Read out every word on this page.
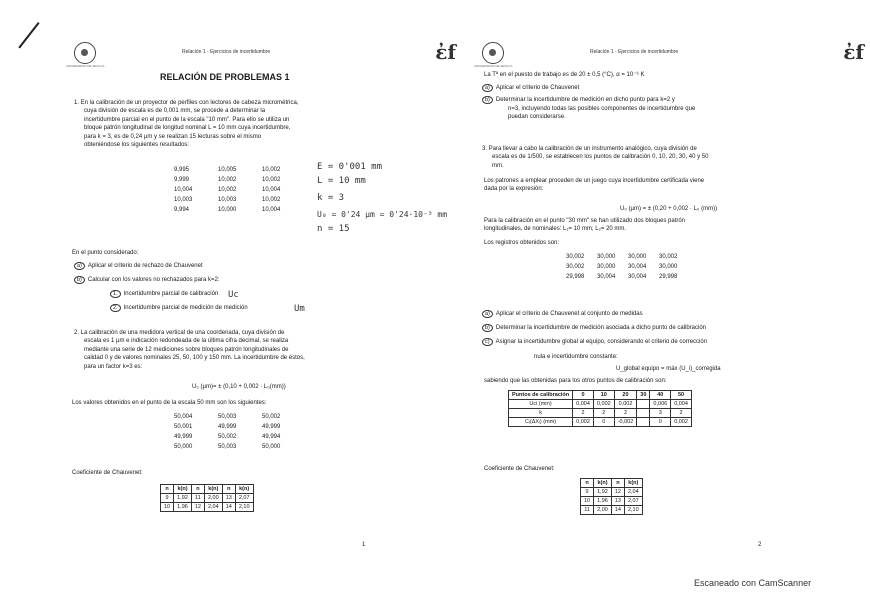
UNIVERSIDAD DE SEVILLA
Relación 1 - Ejercicios de incertidumbre	ἐf
RELACIÓN DE PROBLEMAS 1
1. En la calibración de un proyector de perfiles con lectores de cabeza micrométrica,
cuya división de escala es de 0,001 mm, se procede a determinar la
incertidumbre parcial en el punto de la escala "10 mm". Para ello se utiliza un
bloque patrón longitudinal de longitud nominal L = 10 mm cuya incertidumbre,
para k = 3, es de 0,24 µm y se realizan 15 lecturas sobre el mismo
obteniéndose los siguientes resultados:
9,995	10,005	10,002
9,999	10,002	10,002
10,004	10,002	10,004
10,003	10,003	10,002
9,994	10,000	10,004
E = 0'001 mm
L = 10 mm
k = 3
U₀ = 0'24 µm = 0'24·10⁻³ mm
n = 15
En el punto considerado:
a) Aplicar el criterio de rechazo de Chauvenet
b) Calcular con los valores no rechazados para k=2:
1. Incertidumbre parcial de calibración
2. Incertidumbre parcial de medición de medición
Uc
Um
2. La calibración de una medidora vertical de una coordenada, cuya división de
escala es 1 µm e indicación redondeada de la última cifra decimal, se realiza
mediante una serie de 12 mediciones sobre bloques patrón longitudinales de
calidad 0 y de valores nominales 25, 50, 100 y 150 mm. La incertidumbre de éstos,
para un factor k=3 es:
U₀ (µm)= ± (0,10 + 0,002 · L₀(mm))
Los valores obtenidos en el punto de la escala 50 mm son los siguientes:
50,004	50,003	50,002
50,001	49,999	49,999
49,999	50,002	49,994
50,000	50,003	50,000
Coeficiente de Chauvenet:
n	k(n)	n	k(n)	n	k(n)
9	1,92	11	2,00	13	2,07
10	1,96	12	2,04	14	2,10
1
UNIVERSIDAD DE SEVILLA
Relación 1 - Ejercicios de incertidumbre	ἐf
La Tª en el puesto de trabajo es de 20 ± 0,5 (°C), α = 10⁻⁶ K
a) Aplicar el criterio de Chauvenet
b) Determinar la incertidumbre de medición en dicho punto para k=2 y
n=3, incluyendo todas las posibles componentes de incertidumbre que
puedan considerarse.
3. Para llevar a cabo la calibración de un instrumento analógico, cuya división de
escala es de 1/500, se establecen los puntos de calibración 0, 10, 20, 30, 40 y 50
mm.
Los patrones a emplear proceden de un juego cuya incertidumbre certificada viene
dada por la expresión:
U₀ (µm) = ± (0,20 + 0,002 · L₀ (mm))
Para la calibración en el punto "30 mm" se han utilizado dos bloques patrón
longitudinales, de nominales: L₁= 10 mm; L₂= 20 mm.
Los registros obtenidos son:
30,002	30,000	30,000	30,002
30,002	30,000	30,004	30,000
29,998	30,004	30,004	29,998
a) Aplicar el criterio de Chauvenet al conjunto de medidas
b) Determinar la incertidumbre de medición asociada a dicho punto de calibración
c) Asignar la incertidumbre global al equipo, considerando el criterio de corrección
nula e incertidumbre constante:
U_global equipo = máx (U_i)_corregida
sabiendo que las obtenidas para los otros puntos de calibración son:
Puntos de calibración	0	10	20	30	40	50
Uci (mm)	0,004	0,002	0,002		0,006	0,004
k	2	2	2		3	2
Cᵢ(ΔXᵢ) (mm)	0,002	0	-0,002		0	0,002
Coeficiente de Chauvenet:
n	k(n)	n	k(n)
9	1,92	12	2,04
10	1,96	13	2,07
11	2,00	14	2,10
2
Escaneado con CamScanner
